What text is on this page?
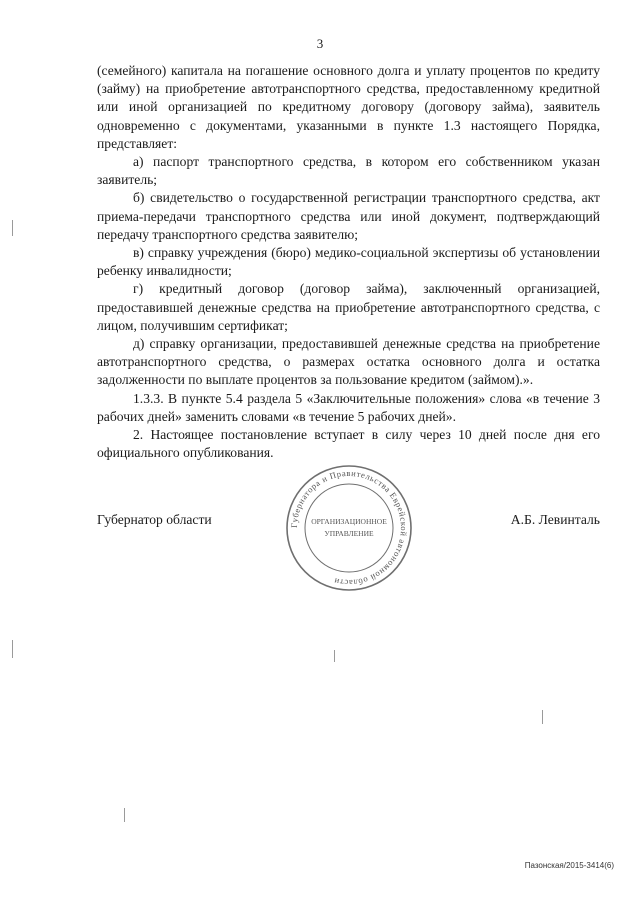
3

(семейного) капитала на погашение основного долга и уплату процентов по кредиту (займу) на приобретение автотранспортного средства, предоставленному кредитной или иной организацией по кредитному договору (договору займа), заявитель одновременно с документами, указанными в пункте 1.3 настоящего Порядка, представляет:

а) паспорт транспортного средства, в котором его собственником указан заявитель;

б) свидетельство о государственной регистрации транспортного средства, акт приема-передачи транспортного средства или иной документ, подтверждающий передачу транспортного средства заявителю;

в) справку учреждения (бюро) медико-социальной экспертизы об установлении ребенку инвалидности;

г) кредитный договор (договор займа), заключенный организацией, предоставившей денежные средства на приобретение автотранспортного средства, с лицом, получившим сертификат;

д) справку организации, предоставившей денежные средства на приобретение автотранспортного средства, о размерах остатка основного долга и остатка задолженности по выплате процентов за пользование кредитом (займом).».

1.3.3. В пункте 5.4 раздела 5 «Заключительные положения» слова «в течение 3 рабочих дней» заменить словами «в течение 5 рабочих дней».

2. Настоящее постановление вступает в силу через 10 дней после дня его официального опубликования.

Губернатор области	А.Б. Левинталь
Губернатора и Правительства Еврейской автономной области
ОРГАНИЗАЦИОННОЕ
УПРАВЛЕНИЕ
Пазонская/2015-3414(6)
